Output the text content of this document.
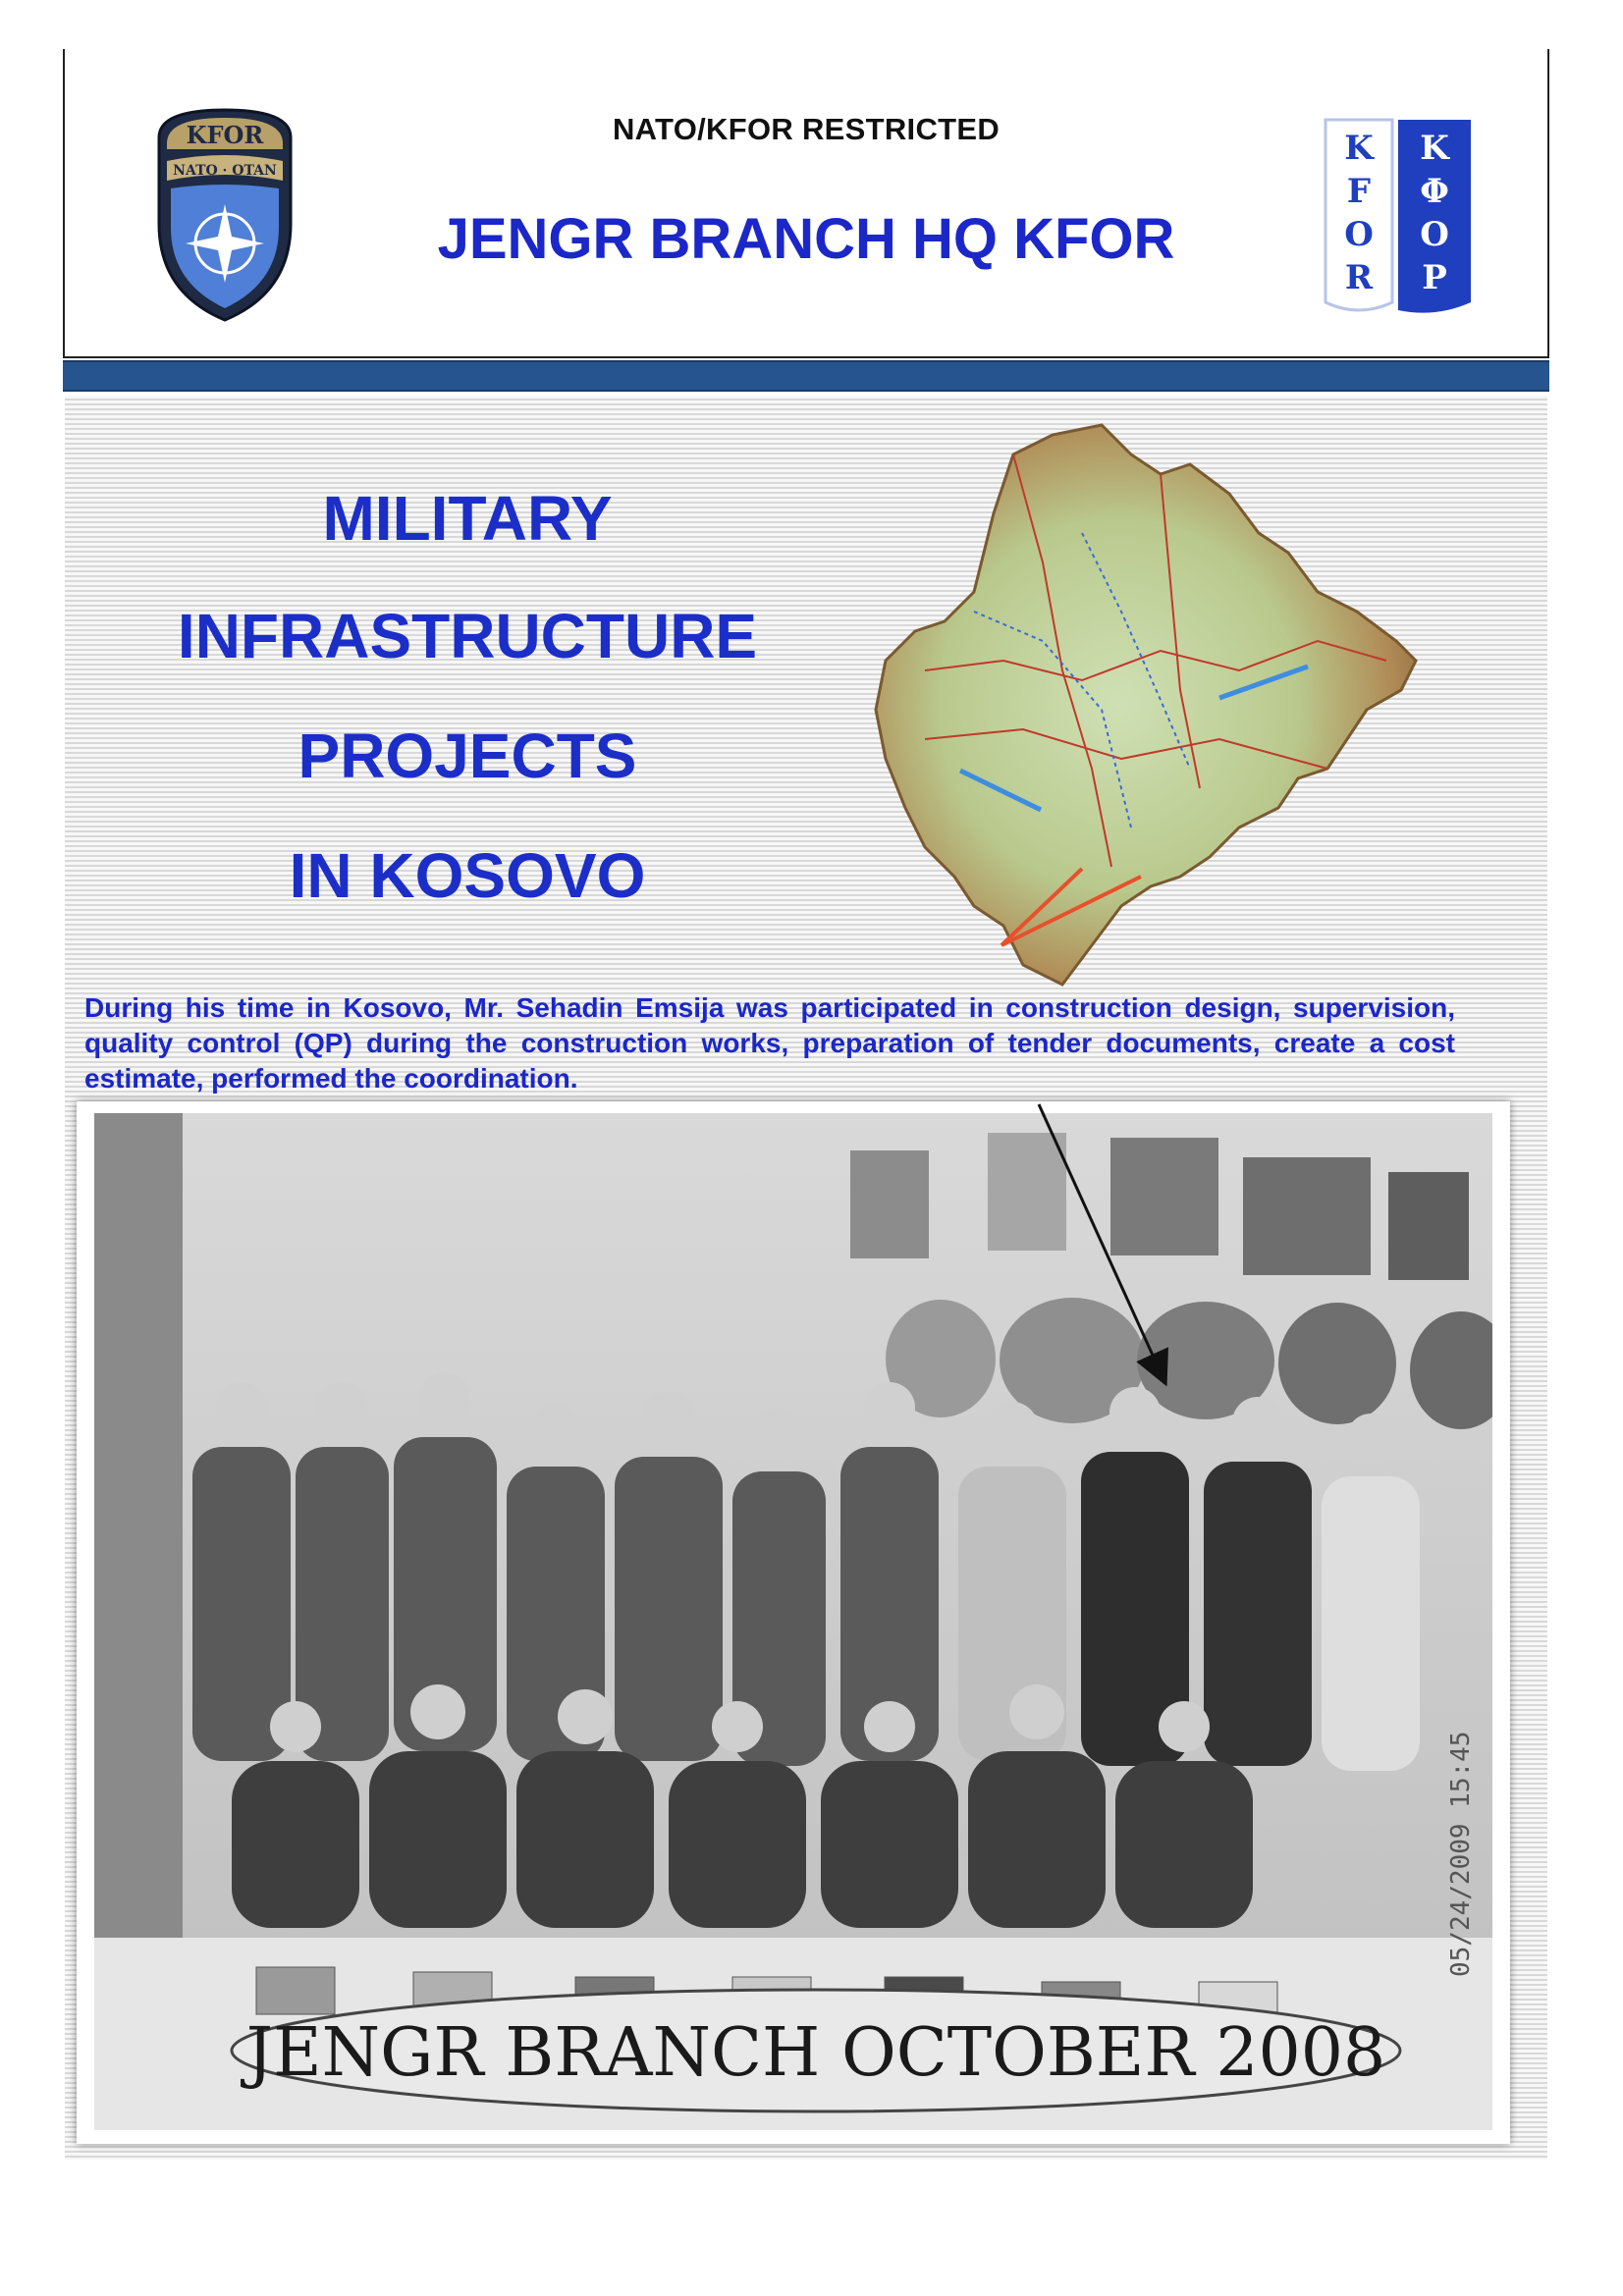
KFOR
NATO · OTAN
NATO/KFOR RESTRICTED
JENGR BRANCH HQ KFOR
K
F
O
R
K
Φ
O
P
MILITARY
INFRASTRUCTURE
PROJECTS
IN KOSOVO
During his time in Kosovo, Mr. Sehadin Emsija was participated in construction design, supervision, quality control (QP) during the construction works, preparation of tender documents, create a cost estimate, performed the coordination.
JENGR BRANCH OCTOBER 2008
05/24/2009 15:45
